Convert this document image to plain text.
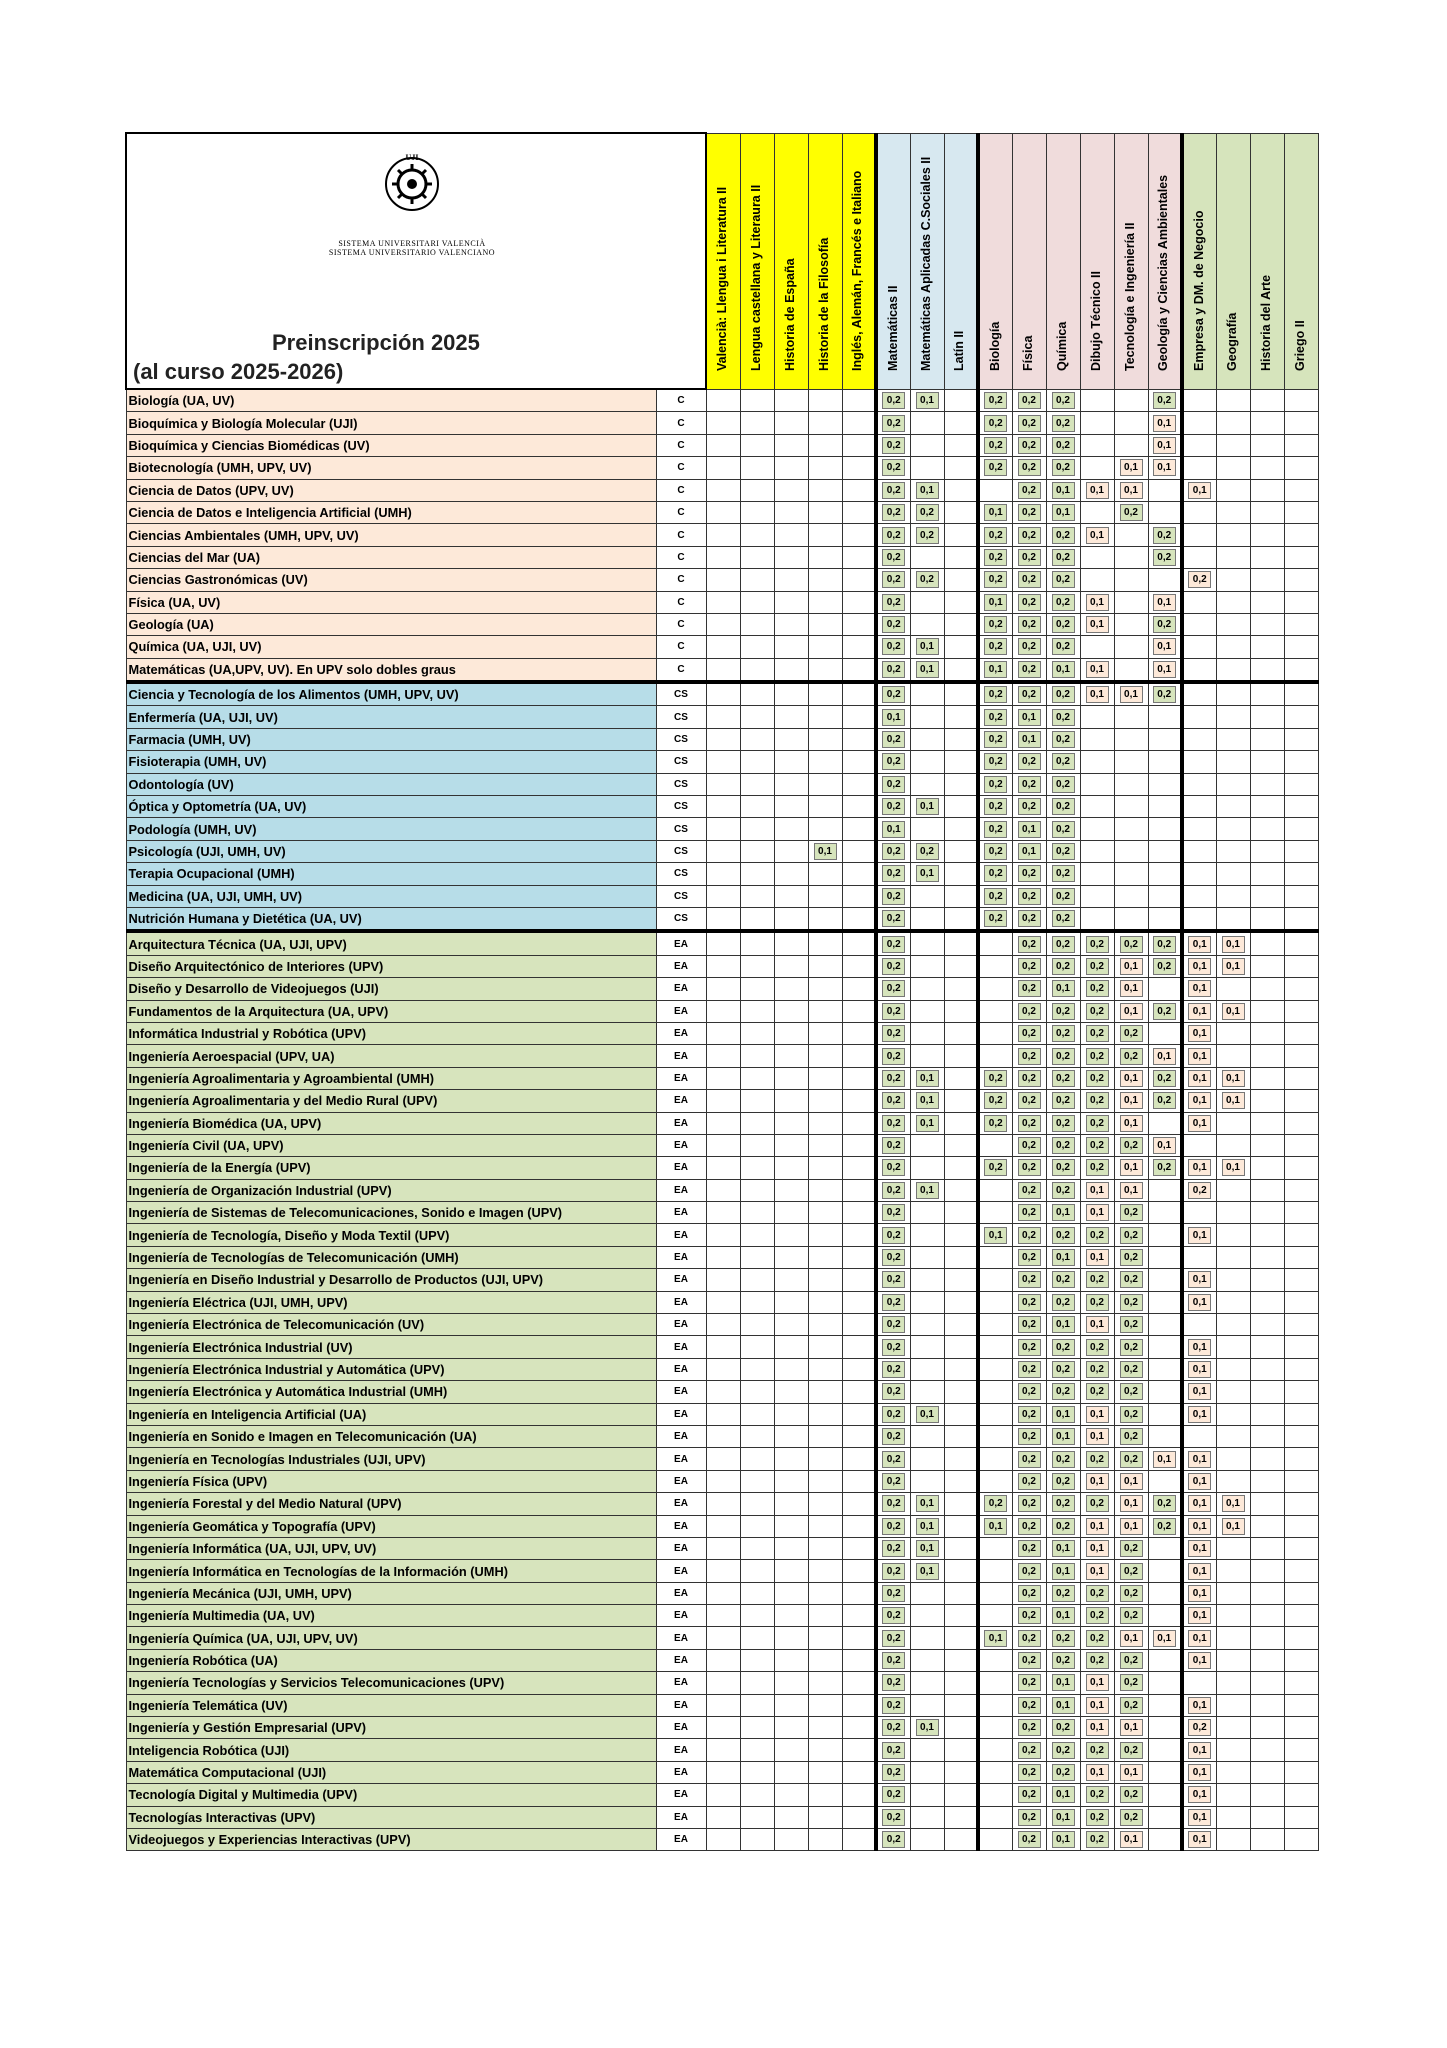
UJI
SISTEMA UNIVERSITARI VALENCIÀ
SISTEMA UNIVERSITARIO VALENCIANO
Preinscripción 2025
(al curso 2025-2026)		Valencià: Llengua i Literatura II	Lengua castellana y Literaura II	Historia de España	Historia de la Filosofía	Inglés, Alemán, Francés e Italiano	Matemáticas II	Matemáticas Aplicadas C.Sociales II	Latín II	Biología	Física	Química	Dibujo Técnico II	Tecnología e Ingeniería II	Geología y Ciencias Ambientales	Empresa y DM. de Negocio	Geografía	Historia del Arte	Griego II

Biología (UA, UV)	C						0,2	0,1		0,2	0,2	0,2			0,2				
Bioquímica y Biología Molecular (UJI)	C						0,2			0,2	0,2	0,2			0,1				
Bioquímica y Ciencias Biomédicas (UV)	C						0,2			0,2	0,2	0,2			0,1				
Biotecnología (UMH, UPV, UV)	C						0,2			0,2	0,2	0,2		0,1	0,1				
Ciencia de Datos (UPV, UV)	C						0,2	0,1			0,2	0,1	0,1	0,1		0,1			
Ciencia de Datos e Inteligencia Artificial (UMH)	C						0,2	0,2		0,1	0,2	0,1		0,2					
Ciencias Ambientales (UMH, UPV, UV)	C						0,2	0,2		0,2	0,2	0,2	0,1		0,2				
Ciencias del Mar (UA)	C						0,2			0,2	0,2	0,2			0,2				
Ciencias Gastronómicas (UV)	C						0,2	0,2		0,2	0,2	0,2				0,2			
Física (UA, UV)	C						0,2			0,1	0,2	0,2	0,1		0,1				
Geología (UA)	C						0,2			0,2	0,2	0,2	0,1		0,2				
Química (UA, UJI, UV)	C						0,2	0,1		0,2	0,2	0,2			0,1				
Matemáticas (UA,UPV, UV). En UPV solo dobles graus	C						0,2	0,1		0,1	0,2	0,1	0,1		0,1				
Ciencia y Tecnología de los Alimentos (UMH, UPV, UV)	CS						0,2			0,2	0,2	0,2	0,1	0,1	0,2				
Enfermería (UA, UJI, UV)	CS						0,1			0,2	0,1	0,2							
Farmacia (UMH, UV)	CS						0,2			0,2	0,1	0,2							
Fisioterapia (UMH, UV)	CS						0,2			0,2	0,2	0,2							
Odontología (UV)	CS						0,2			0,2	0,2	0,2							
Óptica y Optometría (UA, UV)	CS						0,2	0,1		0,2	0,2	0,2							
Podología (UMH, UV)	CS						0,1			0,2	0,1	0,2							
Psicología (UJI, UMH, UV)	CS				0,1		0,2	0,2		0,2	0,1	0,2							
Terapia Ocupacional (UMH)	CS						0,2	0,1		0,2	0,2	0,2							
Medicina (UA, UJI, UMH, UV)	CS						0,2			0,2	0,2	0,2							
Nutrición Humana y Dietética (UA, UV)	CS						0,2			0,2	0,2	0,2							
Arquitectura Técnica (UA, UJI, UPV)	EA						0,2				0,2	0,2	0,2	0,2	0,2	0,1	0,1		
Diseño Arquitectónico de Interiores (UPV)	EA						0,2				0,2	0,2	0,2	0,1	0,2	0,1	0,1		
Diseño y Desarrollo de Videojuegos (UJI)	EA						0,2				0,2	0,1	0,2	0,1		0,1			
Fundamentos de la Arquitectura (UA, UPV)	EA						0,2				0,2	0,2	0,2	0,1	0,2	0,1	0,1		
Informática Industrial y Robótica (UPV)	EA						0,2				0,2	0,2	0,2	0,2		0,1			
Ingeniería Aeroespacial (UPV, UA)	EA						0,2				0,2	0,2	0,2	0,2	0,1	0,1			
Ingeniería Agroalimentaria y Agroambiental (UMH)	EA						0,2	0,1		0,2	0,2	0,2	0,2	0,1	0,2	0,1	0,1		
Ingeniería Agroalimentaria y del Medio Rural (UPV)	EA						0,2	0,1		0,2	0,2	0,2	0,2	0,1	0,2	0,1	0,1		
Ingeniería Biomédica (UA, UPV)	EA						0,2	0,1		0,2	0,2	0,2	0,2	0,1		0,1			
Ingeniería Civil (UA, UPV)	EA						0,2				0,2	0,2	0,2	0,2	0,1				
Ingeniería de la Energía (UPV)	EA						0,2			0,2	0,2	0,2	0,2	0,1	0,2	0,1	0,1		
Ingeniería de Organización Industrial (UPV)	EA						0,2	0,1			0,2	0,2	0,1	0,1		0,2			
Ingeniería de Sistemas de Telecomunicaciones, Sonido e Imagen (UPV)	EA						0,2				0,2	0,1	0,1	0,2					
Ingeniería de Tecnología, Diseño y Moda Textil (UPV)	EA						0,2			0,1	0,2	0,2	0,2	0,2		0,1			
Ingeniería de Tecnologías de Telecomunicación (UMH)	EA						0,2				0,2	0,1	0,1	0,2					
Ingeniería en Diseño Industrial y Desarrollo de Productos (UJI, UPV)	EA						0,2				0,2	0,2	0,2	0,2		0,1			
Ingeniería Eléctrica (UJI, UMH, UPV)	EA						0,2				0,2	0,2	0,2	0,2		0,1			
Ingeniería Electrónica de Telecomunicación (UV)	EA						0,2				0,2	0,1	0,1	0,2					
Ingeniería Electrónica Industrial (UV)	EA						0,2				0,2	0,2	0,2	0,2		0,1			
Ingeniería Electrónica Industrial y Automática (UPV)	EA						0,2				0,2	0,2	0,2	0,2		0,1			
Ingeniería Electrónica y Automática Industrial (UMH)	EA						0,2				0,2	0,2	0,2	0,2		0,1			
Ingeniería en Inteligencia Artificial (UA)	EA						0,2	0,1			0,2	0,1	0,1	0,2		0,1			
Ingeniería en Sonido e Imagen en Telecomunicación (UA)	EA						0,2				0,2	0,1	0,1	0,2					
Ingeniería en Tecnologías Industriales (UJI, UPV)	EA						0,2				0,2	0,2	0,2	0,2	0,1	0,1			
Ingeniería Física (UPV)	EA						0,2				0,2	0,2	0,1	0,1		0,1			
Ingeniería Forestal y del Medio Natural (UPV)	EA						0,2	0,1		0,2	0,2	0,2	0,2	0,1	0,2	0,1	0,1		
Ingeniería Geomática y Topografía (UPV)	EA						0,2	0,1		0,1	0,2	0,2	0,1	0,1	0,2	0,1	0,1		
Ingeniería Informática (UA, UJI, UPV, UV)	EA						0,2	0,1			0,2	0,1	0,1	0,2		0,1			
Ingeniería Informática en Tecnologías de la Información (UMH)	EA						0,2	0,1			0,2	0,1	0,1	0,2		0,1			
Ingeniería Mecánica (UJI, UMH, UPV)	EA						0,2				0,2	0,2	0,2	0,2		0,1			
Ingeniería Multimedia (UA, UV)	EA						0,2				0,2	0,1	0,2	0,2		0,1			
Ingeniería Química (UA, UJI, UPV, UV)	EA						0,2			0,1	0,2	0,2	0,2	0,1	0,1	0,1			
Ingeniería Robótica (UA)	EA						0,2				0,2	0,2	0,2	0,2		0,1			
Ingeniería Tecnologías y Servicios Telecomunicaciones (UPV)	EA						0,2				0,2	0,1	0,1	0,2					
Ingeniería Telemática (UV)	EA						0,2				0,2	0,1	0,1	0,2		0,1			
Ingeniería y Gestión Empresarial (UPV)	EA						0,2	0,1			0,2	0,2	0,1	0,1		0,2			
Inteligencia Robótica (UJI)	EA						0,2				0,2	0,2	0,2	0,2		0,1			
Matemática Computacional (UJI)	EA						0,2				0,2	0,2	0,1	0,1		0,1			
Tecnología Digital y Multimedia (UPV)	EA						0,2				0,2	0,1	0,2	0,2		0,1			
Tecnologías Interactivas (UPV)	EA						0,2				0,2	0,1	0,2	0,2		0,1			
Videojuegos y Experiencias Interactivas (UPV)	EA						0,2				0,2	0,1	0,2	0,1		0,1			
